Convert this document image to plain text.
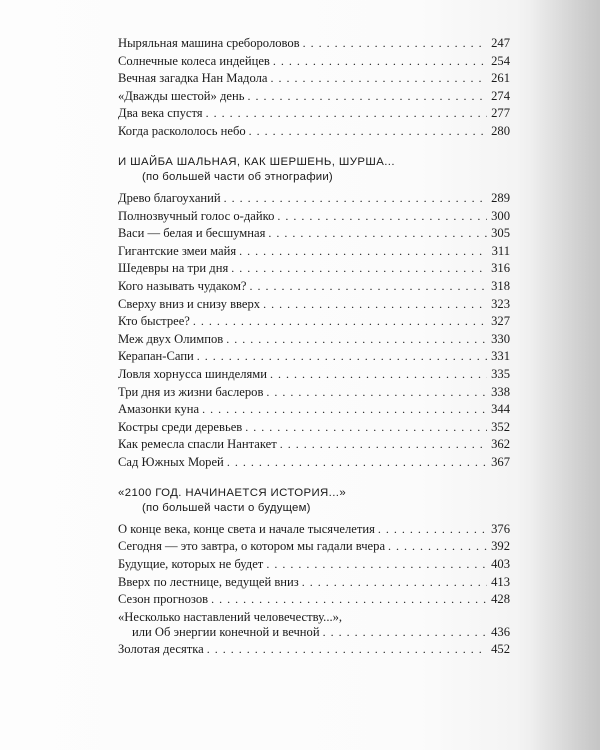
Ныряльная машина сребороловов . . .	247
Солнечные колеса индейцев . . .	254
Вечная загадка Нан Мадола . . .	261
«Дважды шестой» день . . .	274
Два века спустя . . .	277
Когда раскололось небо . . .	280
И ШАЙБА ШАЛЬНАЯ, КАК ШЕРШЕНЬ, ШУРША...
(по большей части об этнографии)
Древо благоуханий . . .	289
Полнозвучный голос о-дайко . . .	300
Васи — белая и бесшумная . . .	305
Гигантские змеи майя . . .	311
Шедевры на три дня . . .	316
Кого называть чудаком? . . .	318
Сверху вниз и снизу вверх . . .	323
Кто быстрее? . . .	327
Меж двух Олимпов . . .	330
Керапан-Сапи . . .	331
Ловля хорнусса шинделями . . .	335
Три дня из жизни баслеров . . .	338
Амазонки куна . . .	344
Костры среди деревьев . . .	352
Как ремесла спасли Нантакет . . .	362
Сад Южных Морей . . .	367
«2100 ГОД. НАЧИНАЕТСЯ ИСТОРИЯ...»
(по большей части о будущем)
О конце века, конце света и начале тысячелетия . . .	376
Сегодня — это завтра, о котором мы гадали вчера . . .	392
Будущие, которых не будет . . .	403
Вверх по лестнице, ведущей вниз . . .	413
Сезон прогнозов . . .	428
«Несколько наставлений человечеству...»,
или Об энергии конечной и вечной . . .	436
Золотая десятка . . .	452
